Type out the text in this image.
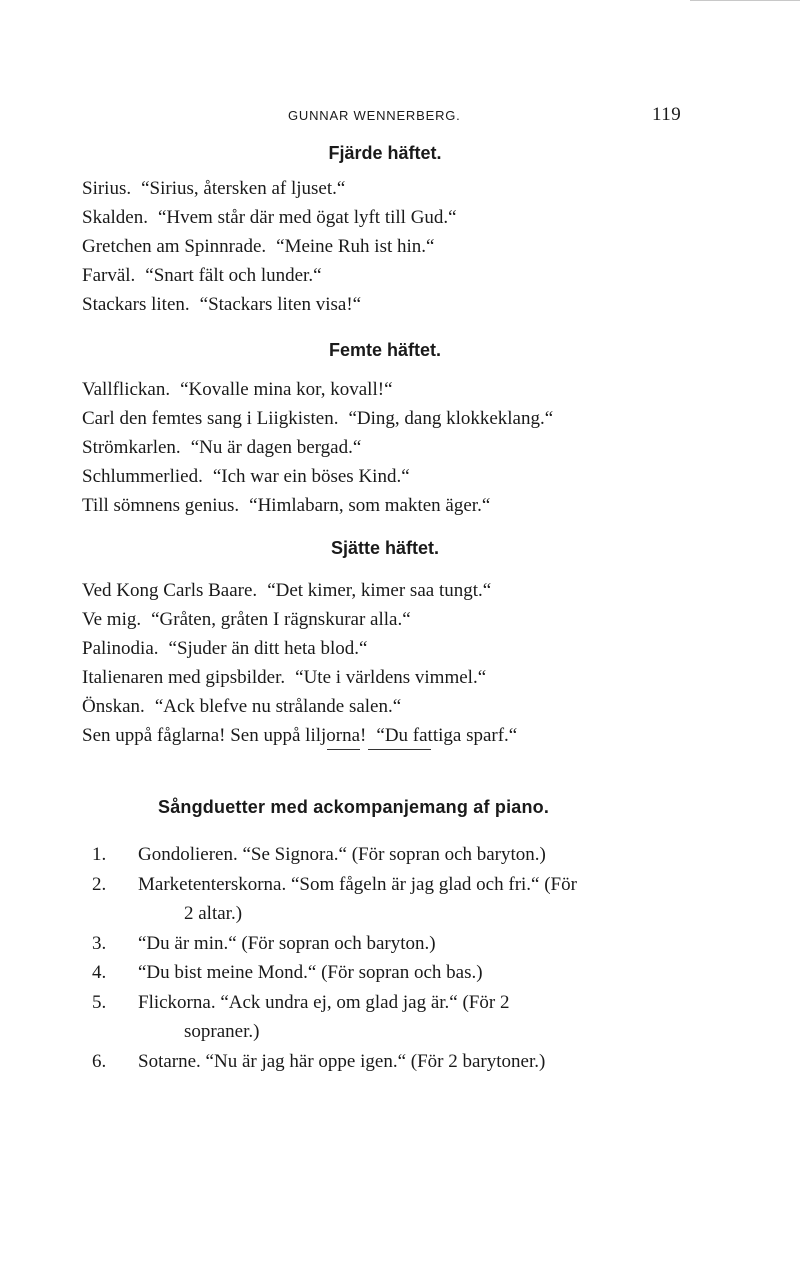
GUNNAR WENNERBERG.	119
Fjärde häftet.
Sirius. “Sirius, återsken af ljuset.“
Skalden. “Hvem står där med ögat lyft till Gud.“
Gretchen am Spinnrade. “Meine Ruh ist hin.“
Farväl. “Snart fält och lunder.“
Stackars liten. “Stackars liten visa!“
Femte häftet.
Vallflickan. “Kovalle mina kor, kovall!“
Carl den femtes sang i Liigkisten. “Ding, dang klokkeklang.“
Strömkarlen. “Nu är dagen bergad.“
Schlummerlied. “Ich war ein böses Kind.“
Till sömnens genius. “Himlabarn, som makten äger.“
Sjätte häftet.
Ved Kong Carls Baare. “Det kimer, kimer saa tungt.“
Ve mig. “Gråten, gråten I rägnskurar alla.“
Palinodia. “Sjuder än ditt heta blod.“
Italienaren med gipsbilder. “Ute i världens vimmel.“
Önskan. “Ack blefve nu strålande salen.“
Sen uppå fåglarna! Sen uppå liljorna! “Du fattiga sparf.“
Sångduetter med ackompanjemang af piano.
1. Gondolieren. “Se Signora.“ (För sopran och baryton.)
2. Marketenterskorna. “Som fågeln är jag glad och fri.“ (För
2 altar.)
3. “Du är min.“ (För sopran och baryton.)
4. “Du bist meine Mond.“ (För sopran och bas.)
5. Flickorna. “Ack undra ej, om glad jag är.“ (För 2
sopraner.)
6. Sotarne. “Nu är jag här oppe igen.“ (För 2 barytoner.)
